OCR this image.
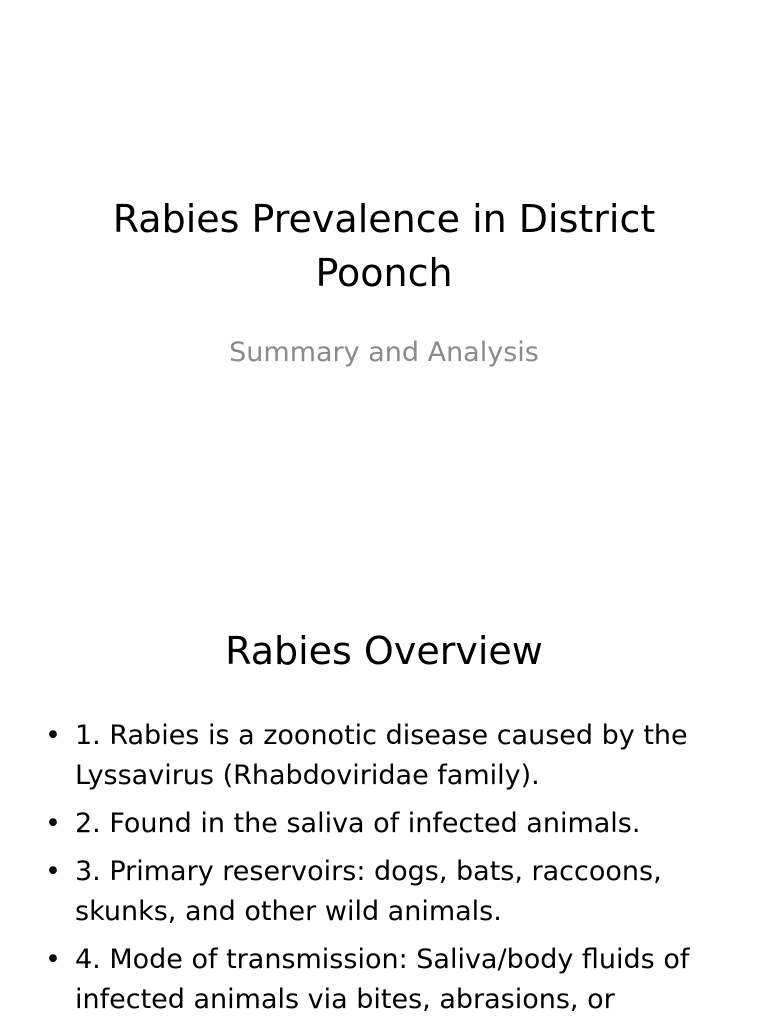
Rabies Prevalence in District
Poonch

Summary and Analysis

Rabies Overview
• 1. Rabies is a zoonotic disease caused by the Lyssavirus (Rhabdoviridae family).
• 2. Found in the saliva of infected animals.
• 3. Primary reservoirs: dogs, bats, raccoons, skunks, and other wild animals.
• 4. Mode of transmission: Saliva/body fluids of infected animals via bites, abrasions, or
